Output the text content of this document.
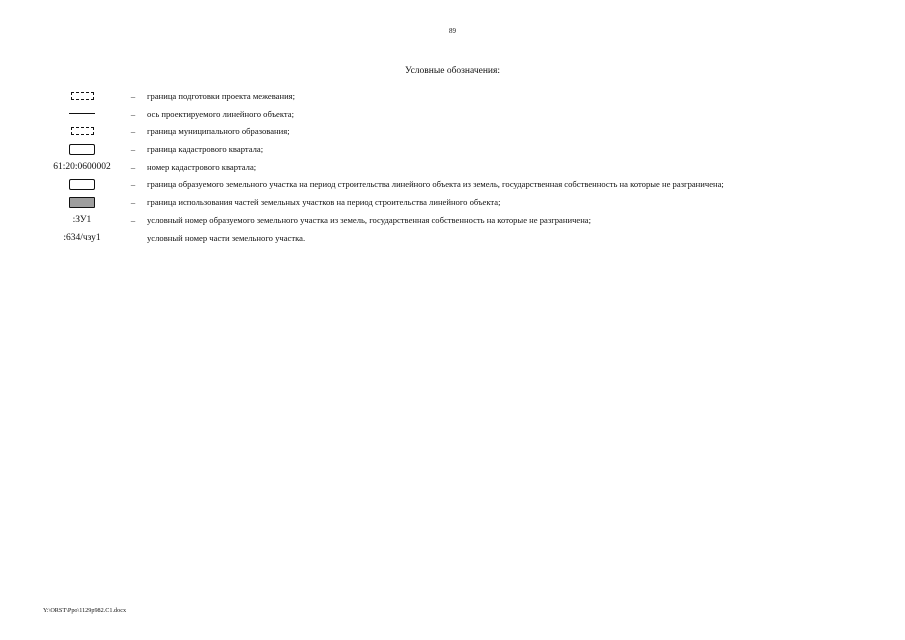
89
Условные обозначения:
–	граница подготовки проекта межевания;
–	ось проектируемого линейного объекта;
–	граница муниципального образования;
–	граница кадастрового квартала;
61:20:0600002	–	номер кадастрового квартала;
–	граница образуемого земельного участка на период строительства линейного объекта из земель, государственная собственность на которые не разграничена;
–	граница использования частей земельных участков на период строительства линейного объекта;
:ЗУ1	–	условный номер образуемого земельного участка из земель, государственная собственность на которые не разграничена;
:634/чзу1	условный номер части земельного участка.
Y:\ORST\Ppo\1129p982.C1.docx
